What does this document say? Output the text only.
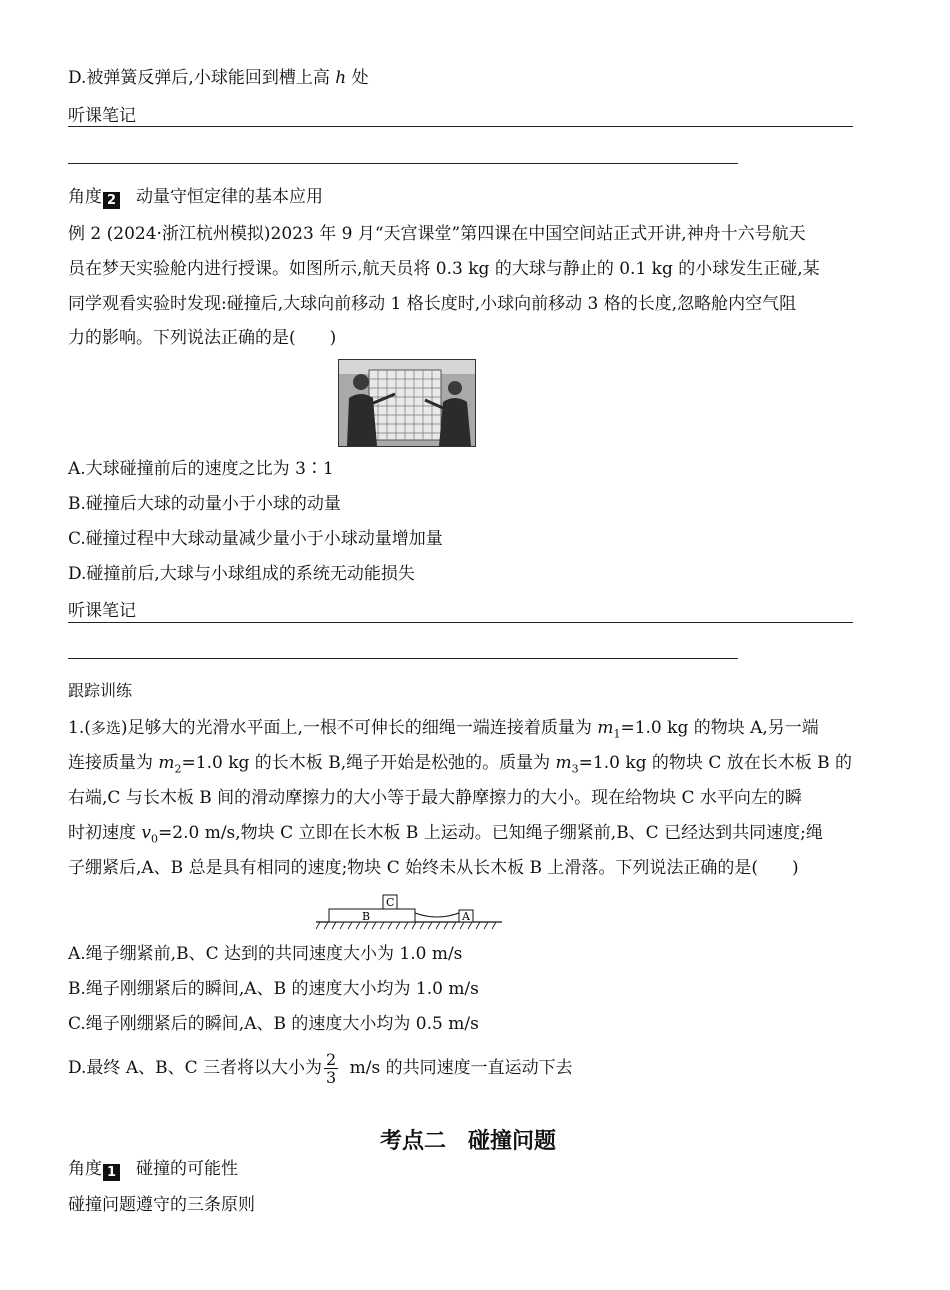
D.被弹簧反弹后,小球能回到槽上高 h 处
听课笔记
角度 2 动量守恒定律的基本应用
例 2 (2024·浙江杭州模拟)2023 年 9 月“天宫课堂”第四课在中国空间站正式开讲,神舟十六号航天
员在梦天实验舱内进行授课。如图所示,航天员将 0.3 kg 的大球与静止的 0.1 kg 的小球发生正碰,某
同学观看实验时发现:碰撞后,大球向前移动 1 格长度时,小球向前移动 3 格的长度,忽略舱内空气阻
力的影响。下列说法正确的是(　　)
A.大球碰撞前后的速度之比为 3∶1
B.碰撞后大球的动量小于小球的动量
C.碰撞过程中大球动量减少量小于小球动量增加量
D.碰撞前后,大球与小球组成的系统无动能损失
听课笔记
跟踪训练
1.(多选)足够大的光滑水平面上,一根不可伸长的细绳一端连接着质量为 $m_1=1.0$ kg 的物块 A,另一端
连接质量为 $m_2=1.0$ kg 的长木板 B,绳子开始是松弛的。质量为 $m_3=1.0$ kg 的物块 C 放在长木板 B 的
右端,C 与长木板 B 间的滑动摩擦力的大小等于最大静摩擦力的大小。现在给物块 C 水平向左的瞬
时初速度 $v_0=2.0$ m/s,物块 C 立即在长木板 B 上运动。已知绳子绷紧前,B、C 已经达到共同速度;绳
子绷紧后,A、B 总是具有相同的速度;物块 C 始终未从长木板 B 上滑落。下列说法正确的是(　　)
B
C
A
A.绳子绷紧前,B、C 达到的共同速度大小为 1.0 m/s
B.绳子刚绷紧后的瞬间,A、B 的速度大小均为 1.0 m/s
C.绳子刚绷紧后的瞬间,A、B 的速度大小均为 0.5 m/s
D.最终 A、B、C 三者将以大小为 $\frac{2}{3} m/s$ 的共同速度一直运动下去
考点二　碰撞问题
角度 1 碰撞的可能性
碰撞问题遵守的三条原则
